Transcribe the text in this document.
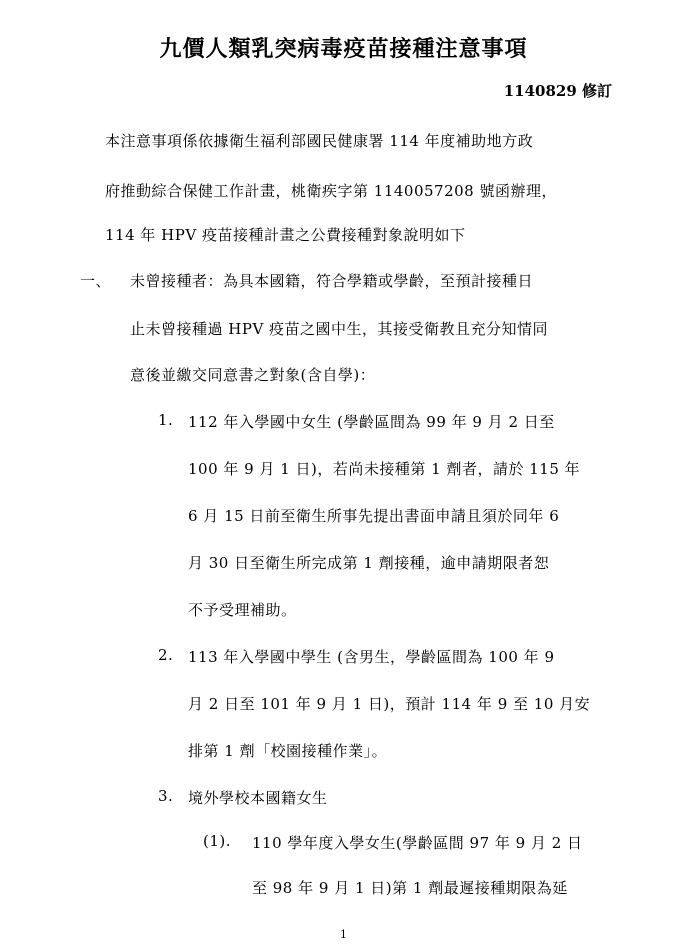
九價人類乳突病毒疫苗接種注意事項
1140829 修訂
本注意事項係依據衛生福利部國民健康署 114 年度補助地方政
府推動綜合保健工作計畫，桃衛疾字第 1140057208 號函辦理，
114 年 HPV 疫苗接種計畫之公費接種對象說明如下
一、 未曾接種者：為具本國籍，符合學籍或學齡，至預計接種日
止未曾接種過 HPV 疫苗之國中生，其接受衛教且充分知情同
意後並繳交同意書之對象(含自學)：
1. 112 年入學國中女生 (學齡區間為 99 年 9 月 2 日至
100 年 9 月 1 日)，若尚未接種第 1 劑者，請於 115 年
6 月 15 日前至衛生所事先提出書面申請且須於同年 6
月 30 日至衛生所完成第 1 劑接種，逾申請期限者恕
不予受理補助。
2. 113 年入學國中學生 (含男生，學齡區間為 100 年 9
月 2 日至 101 年 9 月 1 日)，預計 114 年 9 至 10 月安
排第 1 劑「校園接種作業」。
3. 境外學校本國籍女生
(1). 110 學年度入學女生(學齡區間 97 年 9 月 2 日
至 98 年 9 月 1 日)第 1 劑最遲接種期限為延
1
